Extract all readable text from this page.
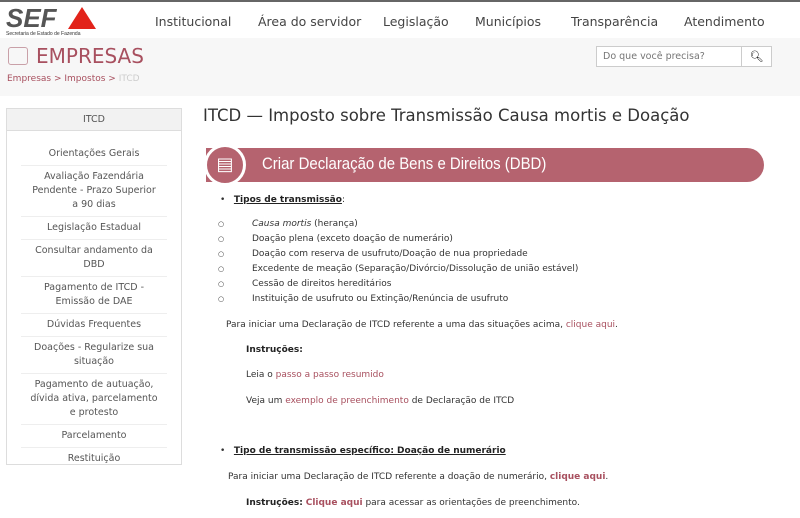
SEF
Secretaria de Estado de Fazenda
Institucional Área do servidor Legislação Municípios Transparência Atendimento
EMPRESAS
Empresas > Impostos > ITCD
Do que você precisa?
🔍︎
ITCD
Orientações Gerais
Avaliação Fazendária Pendente - Prazo Superior a 90 dias
Legislação Estadual
Consultar andamento da DBD
Pagamento de ITCD - Emissão de DAE
Dúvidas Frequentes
Doações - Regularize sua situação
Pagamento de autuação, dívida ativa, parcelamento e protesto
Parcelamento
Restituição
ITCD — Imposto sobre Transmissão Causa mortis e Doação
▤	Criar Declaração de Bens e Direitos (DBD)
•   Tipos de transmissão:
○ Causa mortis (herança)
○ Doação plena (exceto doação de numerário)
○ Doação com reserva de usufruto/Doação de nua propriedade
○ Excedente de meação (Separação/Divórcio/Dissolução de união estável)
○ Cessão de direitos hereditários
○ Instituição de usufruto ou Extinção/Renúncia de usufruto
Para iniciar uma Declaração de ITCD referente a uma das situações acima, clique aqui.
Instruções:
Leia o passo a passo resumido
Veja um exemplo de preenchimento de Declaração de ITCD
•   Tipo de transmissão específico: Doação de numerário
Para iniciar uma Declaração de ITCD referente a doação de numerário, clique aqui.
Instruções: Clique aqui para acessar as orientações de preenchimento.
